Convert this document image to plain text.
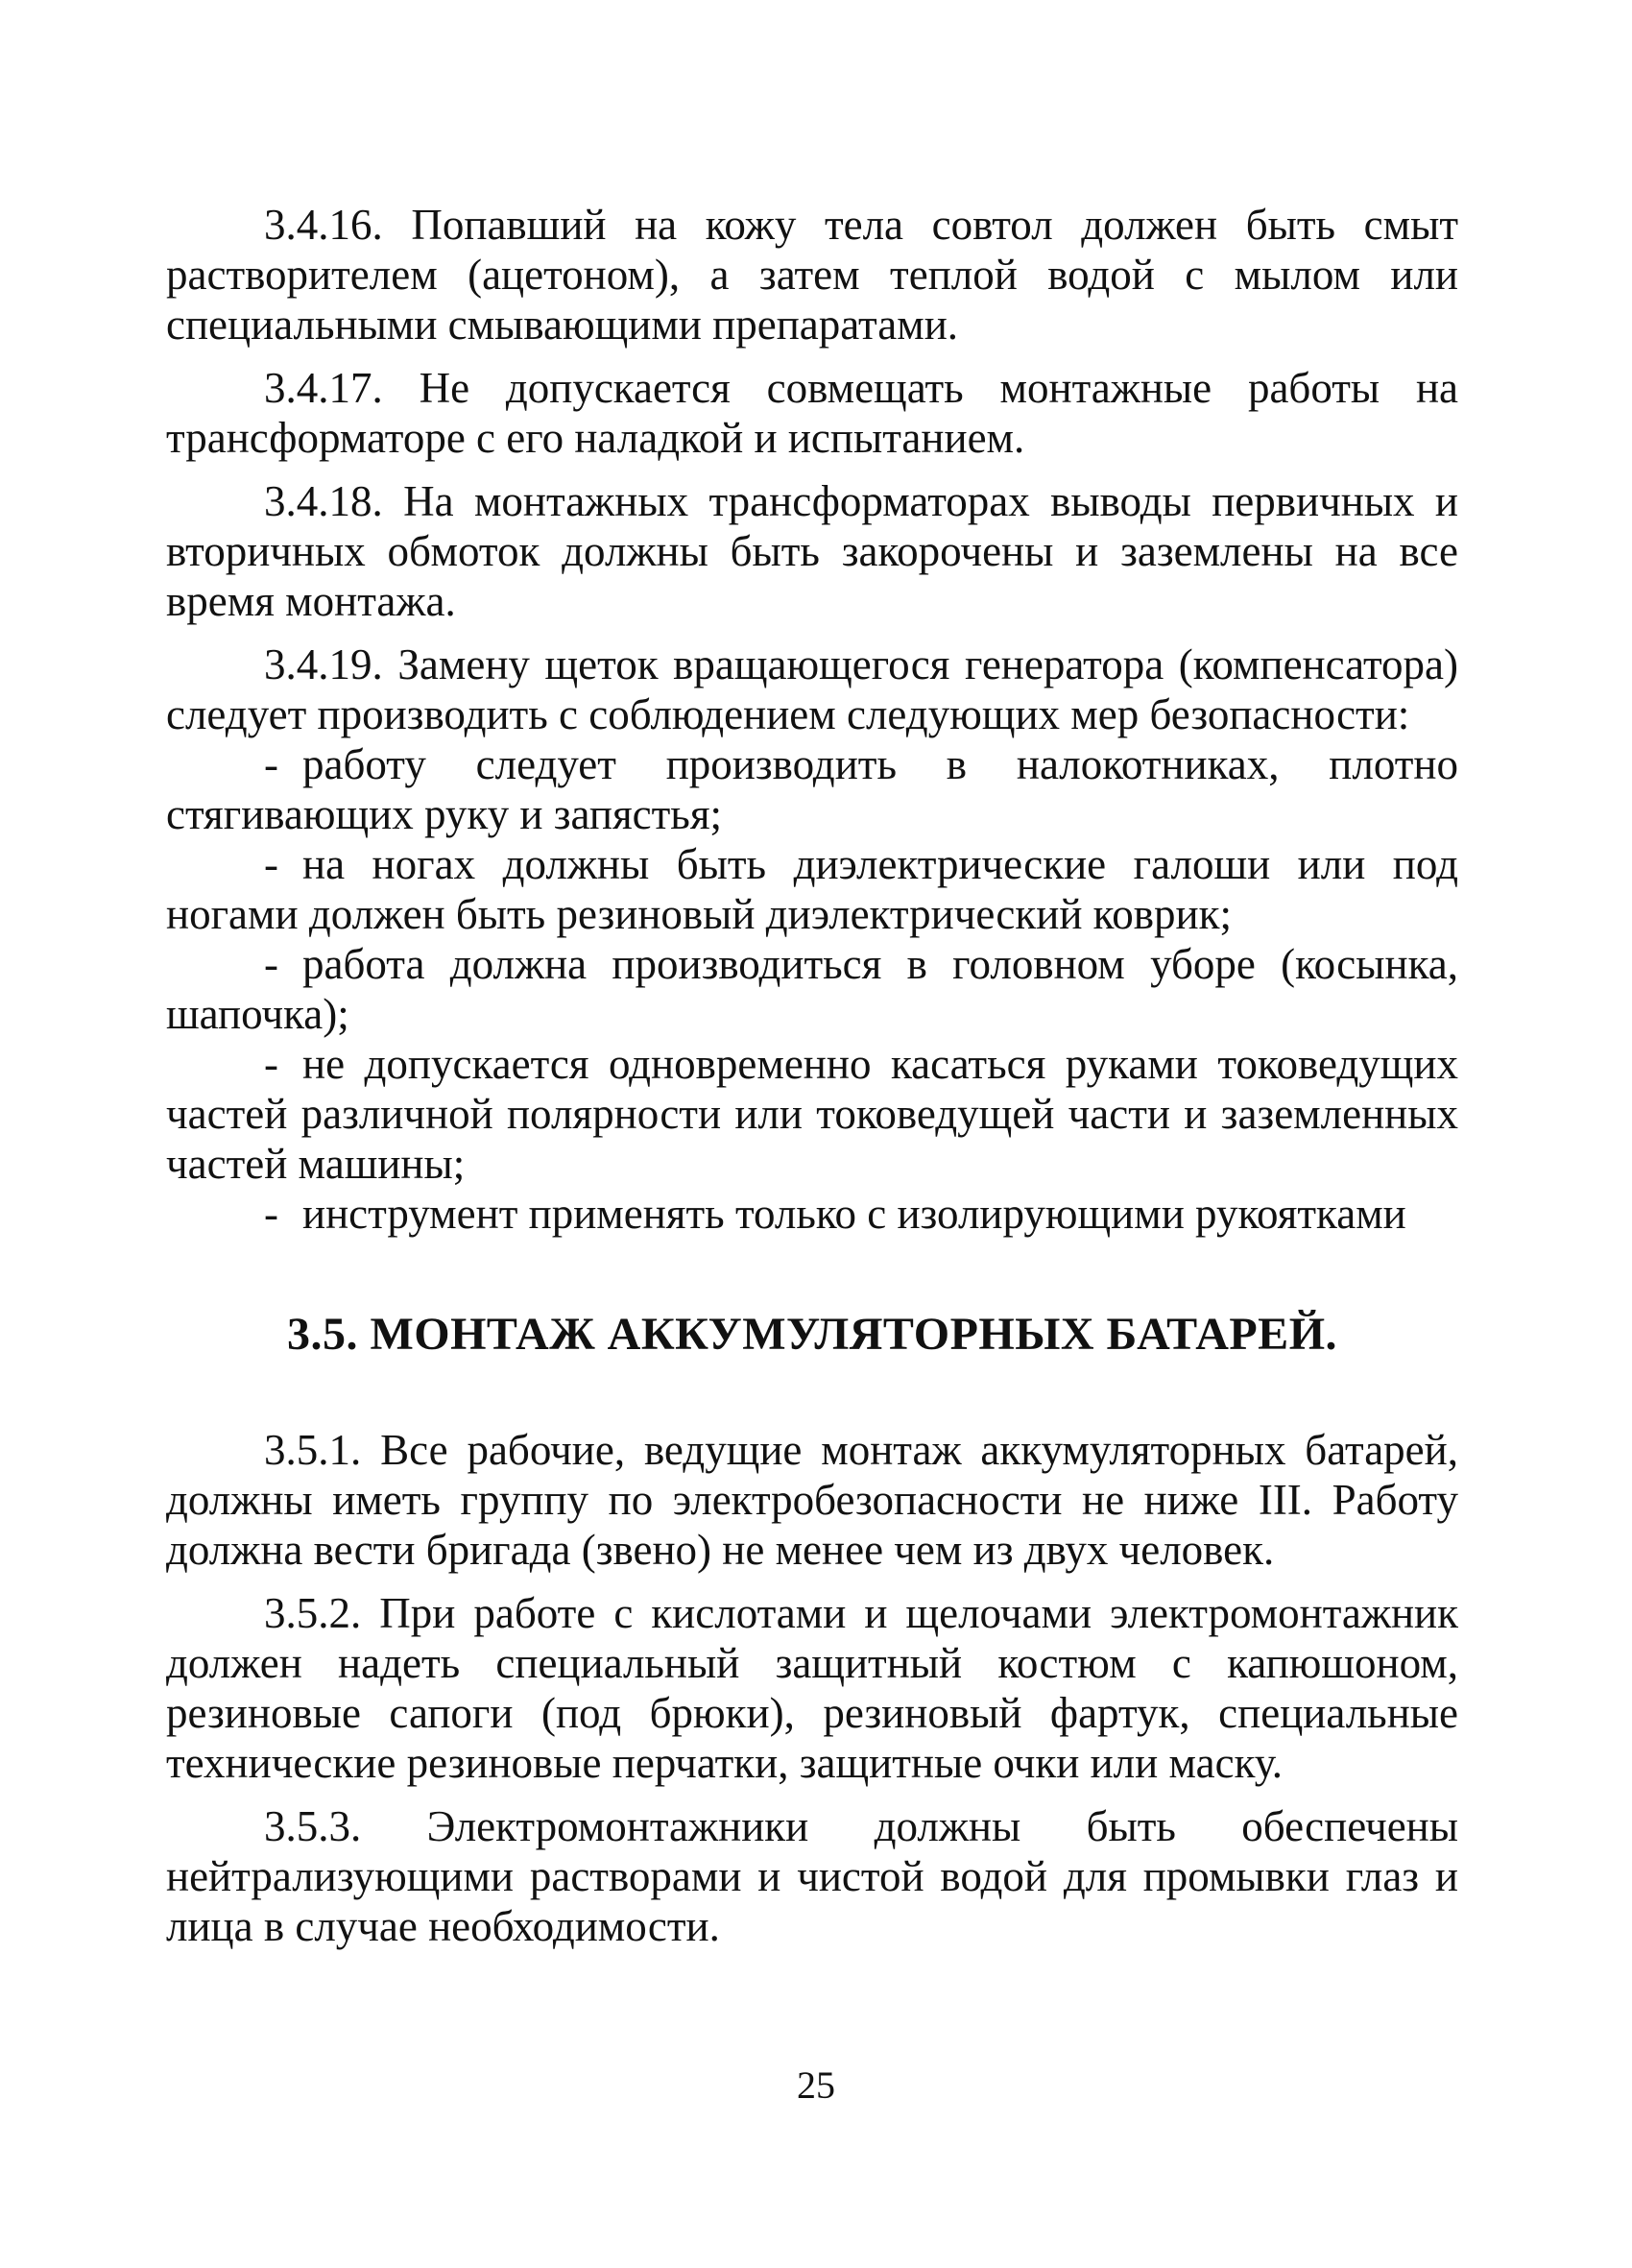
3.4.16. Попавший на кожу тела совтол должен быть смыт растворителем (ацетоном), а затем теплой водой с мылом или специальными смывающими препаратами.

3.4.17. Не допускается совмещать монтажные работы на трансформаторе с его наладкой и испытанием.

3.4.18. На монтажных трансформаторах выводы первичных и вторичных обмоток должны быть закорочены и заземлены на все время монтажа.

3.4.19. Замену щеток вращающегося генератора (компенсатора) следует производить с соблюдением следующих мер безопасности:

- работу следует производить в налокотниках, плотно стягивающих руку и запястья;

- на ногах должны быть диэлектрические галоши или под ногами должен быть резиновый диэлектрический коврик;

- работа должна производиться в головном уборе (косынка, шапочка);

- не допускается одновременно касаться руками токоведущих частей различной полярности или токоведущей части и заземленных частей машины;

- инструмент применять только с изолирующими рукоятками

3.5. МОНТАЖ АККУМУЛЯТОРНЫХ БАТАРЕЙ.

3.5.1. Все рабочие, ведущие монтаж аккумуляторных батарей, должны иметь группу по электробезопасности не ниже III. Работу должна вести бригада (звено) не менее чем из двух человек.

3.5.2. При работе с кислотами и щелочами электромонтажник должен надеть специальный защитный костюм с капюшоном, резиновые сапоги (под брюки), резиновый фартук, специальные технические резиновые перчатки, защитные очки или маску.

3.5.3. Электромонтажники должны быть обеспечены нейтрализующими растворами и чистой водой для промывки глаз и лица в случае необходимости.

25
